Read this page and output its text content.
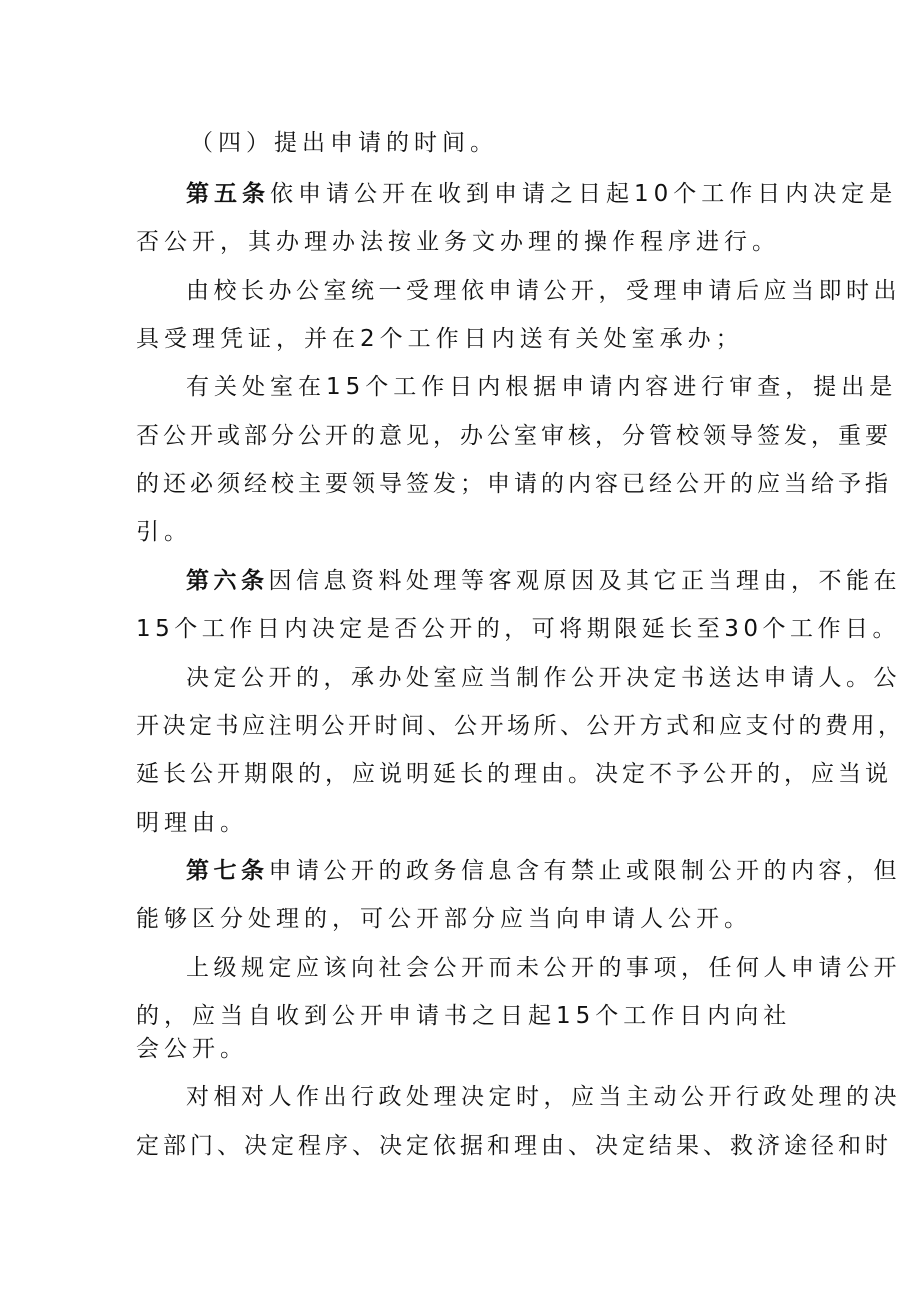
（四）提出申请的时间。
第五条依申请公开在收到申请之日起10个工作日内决定是
否公开，其办理办法按业务文办理的操作程序进行。
由校长办公室统一受理依申请公开，受理申请后应当即时出
具受理凭证，并在2个工作日内送有关处室承办；
有关处室在15个工作日内根据申请内容进行审查，提出是
否公开或部分公开的意见，办公室审核，分管校领导签发，重要
的还必须经校主要领导签发；申请的内容已经公开的应当给予指
引。
第六条因信息资料处理等客观原因及其它正当理由，不能在
15个工作日内决定是否公开的，可将期限延长至30个工作日。
决定公开的，承办处室应当制作公开决定书送达申请人。公
开决定书应注明公开时间、公开场所、公开方式和应支付的费用，
延长公开期限的，应说明延长的理由。决定不予公开的，应当说
明理由。
第七条申请公开的政务信息含有禁止或限制公开的内容，但
能够区分处理的，可公开部分应当向申请人公开。
上级规定应该向社会公开而未公开的事项，任何人申请公开
的，应当自收到公开申请书之日起15个工作日内向社
会公开。
对相对人作出行政处理决定时，应当主动公开行政处理的决
定部门、决定程序、决定依据和理由、决定结果、救济途径和时
